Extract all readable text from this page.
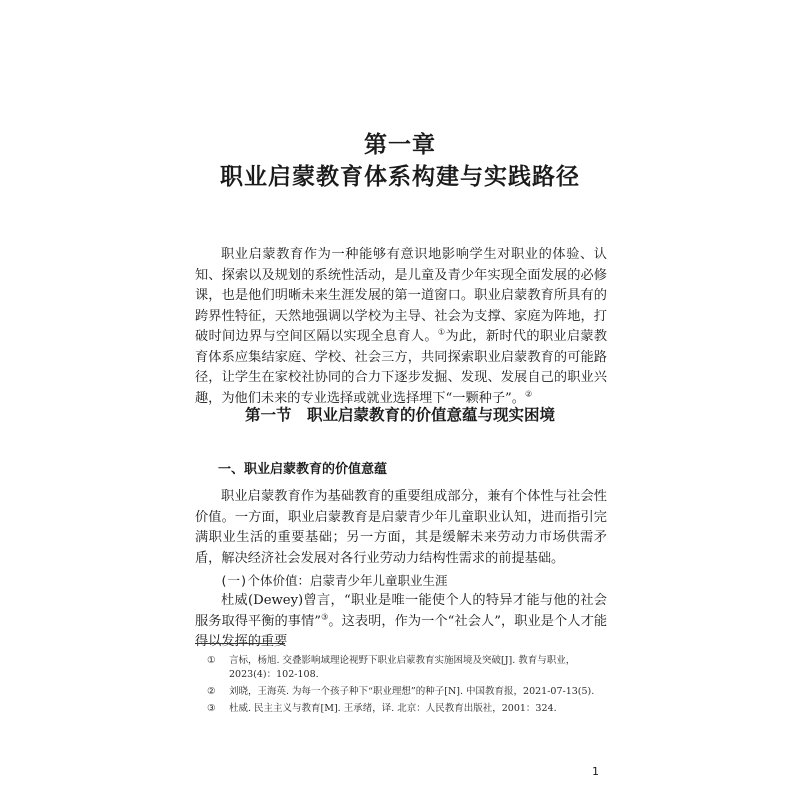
第一章
职业启蒙教育体系构建与实践路径

职业启蒙教育作为一种能够有意识地影响学生对职业的体验、认知、探索以及规划的系统性活动，是儿童及青少年实现全面发展的必修课，也是他们明晰未来生涯发展的第一道窗口。职业启蒙教育所具有的跨界性特征，天然地强调以学校为主导、社会为支撑、家庭为阵地，打破时间边界与空间区隔以实现全息育人。①为此，新时代的职业启蒙教育体系应集结家庭、学校、社会三方，共同探索职业启蒙教育的可能路径，让学生在家校社协同的合力下逐步发掘、发现、发展自己的职业兴趣，为他们未来的专业选择或就业选择埋下“一颗种子”。②

第一节　职业启蒙教育的价值意蕴与现实困境
一、职业启蒙教育的价值意蕴

职业启蒙教育作为基础教育的重要组成部分，兼有个体性与社会性价值。一方面，职业启蒙教育是启蒙青少年儿童职业认知，进而指引完满职业生活的重要基础；另一方面，其是缓解未来劳动力市场供需矛盾，解决经济社会发展对各行业劳动力结构性需求的前提基础。

(一)个体价值：启蒙青少年儿童职业生涯

杜威(Dewey)曾言，“职业是唯一能使个人的特异才能与他的社会服务取得平衡的事情”③。这表明，作为一个“社会人”，职业是个人才能得以发挥的重要

①	言标，杨旭. 交叠影响域理论视野下职业启蒙教育实施困境及突破[J]. 教育与职业，2023(4)：102-108.
②	刘晓，王海英. 为每一个孩子种下“职业理想”的种子[N]. 中国教育报，2021-07-13(5).
③	杜威. 民主主义与教育[M]. 王承绪，译. 北京：人民教育出版社，2001：324.
1
